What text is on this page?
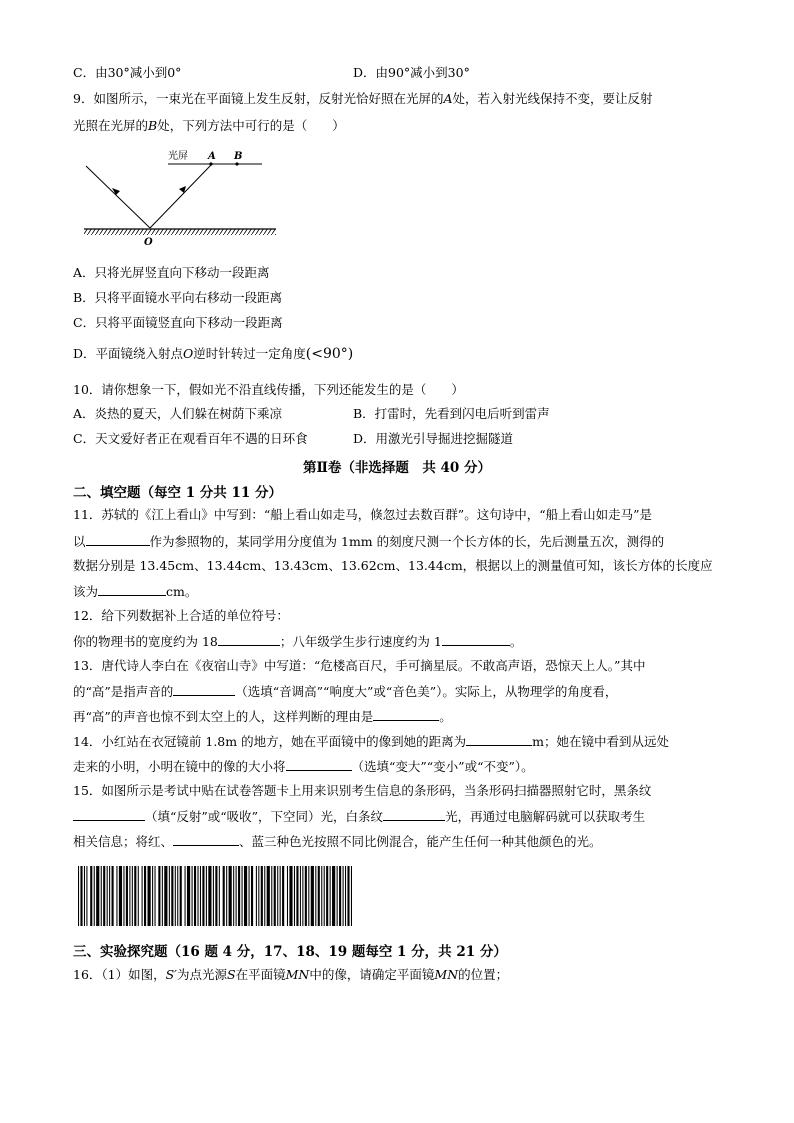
C．由30°减小到0°	D．由90°减小到30°
9．如图所示，一束光在平面镜上发生反射，反射光恰好照在光屏的A处，若入射光线保持不变，要让反射
光照在光屏的B处，下列方法中可行的是（　　）
光屏 A B
O
A．只将光屏竖直向下移动一段距离
B．只将平面镜水平向右移动一段距离
C．只将平面镜竖直向下移动一段距离
D．平面镜绕入射点O逆时针转过一定角度(<90°)
10．请你想象一下，假如光不沿直线传播，下列还能发生的是（　　）
A．炎热的夏天，人们躲在树荫下乘凉	B．打雷时，先看到闪电后听到雷声
C．天文爱好者正在观看百年不遇的日环食	D．用激光引导掘进挖掘隧道
第Ⅱ卷（非选择题　共 40 分）
二、填空题（每空 1 分共 11 分）
11．苏轼的《江上看山》中写到：“船上看山如走马，倏忽过去数百群”。这句诗中，“船上看山如走马”是
以	作为参照物的，某同学用分度值为 1mm 的刻度尺测一个长方体的长，先后测量五次，测得的
数据分别是 13.45cm、13.44cm、13.43cm、13.62cm、13.44cm，根据以上的测量值可知，该长方体的长度应
该为	cm。
12．给下列数据补上合适的单位符号：
你的物理书的宽度约为 18	；八年级学生步行速度约为 1	。
13．唐代诗人李白在《夜宿山寺》中写道：“危楼高百尺，手可摘星辰。不敢高声语，恐惊天上人。”其中
的“高”是指声音的	（选填“音调高”“响度大”或“音色美”）。实际上，从物理学的角度看，
再“高”的声音也惊不到太空上的人，这样判断的理由是	。
14．小红站在衣冠镜前 1.8m 的地方，她在平面镜中的像到她的距离为	m；她在镜中看到从远处
走来的小明，小明在镜中的像的大小将	（选填“变大”“变小”或“不变”）。
15．如图所示是考试中贴在试卷答题卡上用来识别考生信息的条形码，当条形码扫描器照射它时，黑条纹
（填“反射”或“吸收”，下空同）光，白条纹	光，再通过电脑解码就可以获取考生
相关信息；将红、	、蓝三种色光按照不同比例混合，能产生任何一种其他颜色的光。
三、实验探究题（16 题 4 分，17、18、19 题每空 1 分，共 21 分）
16．（1）如图，S′为点光源S在平面镜MN中的像，请确定平面镜MN的位置；
